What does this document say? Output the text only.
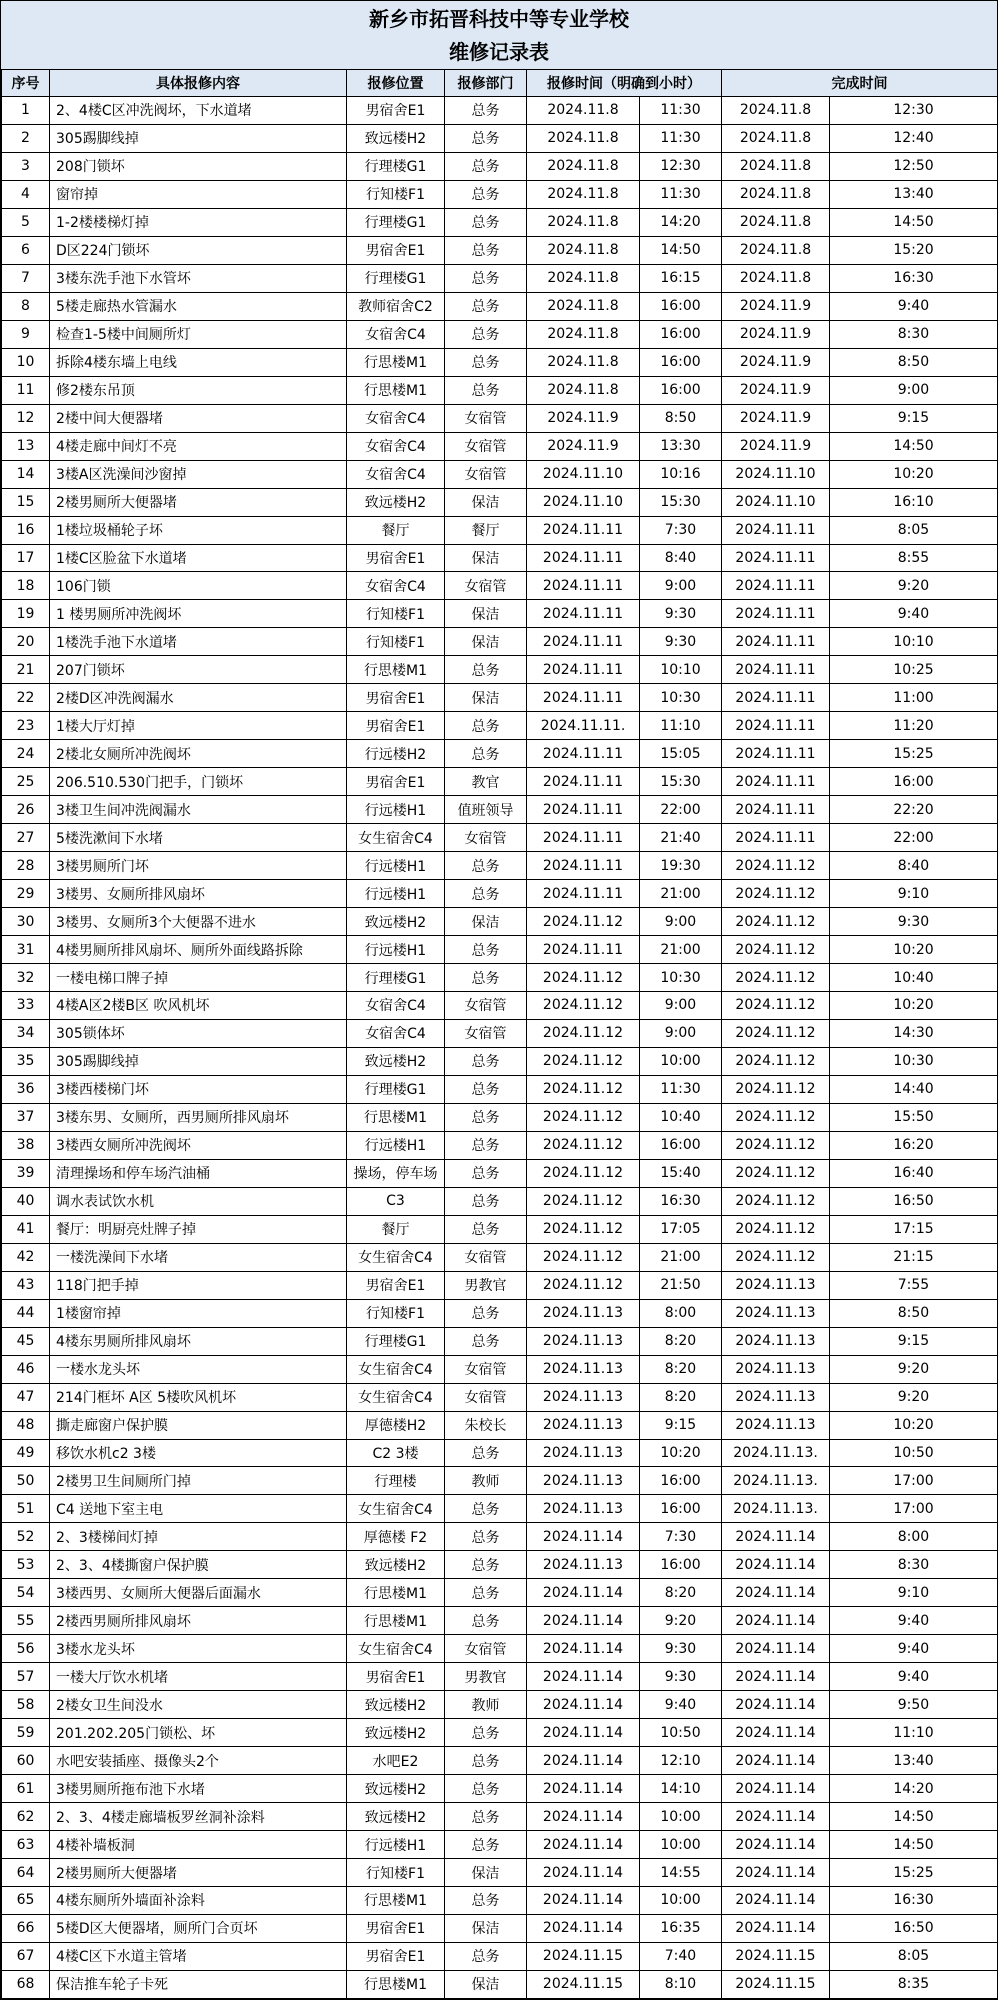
新乡市拓晋科技中等专业学校
维修记录表
序号	具体报修内容	报修位置	报修部门	报修时间（明确到小时）		完成时间	
1	2、4楼C区冲洗阀坏，下水道堵	男宿舍E1	总务	2024.11.8	11:30	2024.11.8	12:30
2	305踢脚线掉	致远楼H2	总务	2024.11.8	11:30	2024.11.8	12:40
3	208门锁坏	行理楼G1	总务	2024.11.8	12:30	2024.11.8	12:50
4	窗帘掉	行知楼F1	总务	2024.11.8	11:30	2024.11.8	13:40
5	1-2楼楼梯灯掉	行理楼G1	总务	2024.11.8	14:20	2024.11.8	14:50
6	D区224门锁坏	男宿舍E1	总务	2024.11.8	14:50	2024.11.8	15:20
7	3楼东洗手池下水管坏	行理楼G1	总务	2024.11.8	16:15	2024.11.8	16:30
8	5楼走廊热水管漏水	教师宿舍C2	总务	2024.11.8	16:00	2024.11.9	9:40
9	检查1-5楼中间厕所灯	女宿舍C4	总务	2024.11.8	16:00	2024.11.9	8:30
10	拆除4楼东墙上电线	行思楼M1	总务	2024.11.8	16:00	2024.11.9	8:50
11	修2楼东吊顶	行思楼M1	总务	2024.11.8	16:00	2024.11.9	9:00
12	2楼中间大便器堵	女宿舍C4	女宿管	2024.11.9	8:50	2024.11.9	9:15
13	4楼走廊中间灯不亮	女宿舍C4	女宿管	2024.11.9	13:30	2024.11.9	14:50
14	3楼A区洗澡间沙窗掉	女宿舍C4	女宿管	2024.11.10	10:16	2024.11.10	10:20
15	2楼男厕所大便器堵	致远楼H2	保洁	2024.11.10	15:30	2024.11.10	16:10
16	1楼垃圾桶轮子坏	餐厅	餐厅	2024.11.11	7:30	2024.11.11	8:05
17	1楼C区脸盆下水道堵	男宿舍E1	保洁	2024.11.11	8:40	2024.11.11	8:55
18	106门锁	女宿舍C4	女宿管	2024.11.11	9:00	2024.11.11	9:20
19	1 楼男厕所冲洗阀坏	行知楼F1	保洁	2024.11.11	9:30	2024.11.11	9:40
20	1楼洗手池下水道堵	行知楼F1	保洁	2024.11.11	9:30	2024.11.11	10:10
21	207门锁坏	行思楼M1	总务	2024.11.11	10:10	2024.11.11	10:25
22	2楼D区冲洗阀漏水	男宿舍E1	保洁	2024.11.11	10:30	2024.11.11	11:00
23	1楼大厅灯掉	男宿舍E1	总务	2024.11.11.	11:10	2024.11.11	11:20
24	2楼北女厕所冲洗阀坏	行远楼H2	总务	2024.11.11	15:05	2024.11.11	15:25
25	206.510.530门把手，门锁坏	男宿舍E1	教官	2024.11.11	15:30	2024.11.11	16:00
26	3楼卫生间冲洗阀漏水	行远楼H1	值班领导	2024.11.11	22:00	2024.11.11	22:20
27	5楼洗漱间下水堵	女生宿舍C4	女宿管	2024.11.11	21:40	2024.11.11	22:00
28	3楼男厕所门坏	行远楼H1	总务	2024.11.11	19:30	2024.11.12	8:40
29	3楼男、女厕所排风扇坏	行远楼H1	总务	2024.11.11	21:00	2024.11.12	9:10
30	3楼男、女厕所3个大便器不进水	致远楼H2	保洁	2024.11.12	9:00	2024.11.12	9:30
31	4楼男厕所排风扇坏、厕所外面线路拆除	行远楼H1	总务	2024.11.11	21:00	2024.11.12	10:20
32	一楼电梯口牌子掉	行理楼G1	总务	2024.11.12	10:30	2024.11.12	10:40
33	4楼A区2楼B区 吹风机坏	女宿舍C4	女宿管	2024.11.12	9:00	2024.11.12	10:20
34	305锁体坏	女宿舍C4	女宿管	2024.11.12	9:00	2024.11.12	14:30
35	305踢脚线掉	致远楼H2	总务	2024.11.12	10:00	2024.11.12	10:30
36	3楼西楼梯门坏	行理楼G1	总务	2024.11.12	11:30	2024.11.12	14:40
37	3楼东男、女厕所，西男厕所排风扇坏	行思楼M1	总务	2024.11.12	10:40	2024.11.12	15:50
38	3楼西女厕所冲洗阀坏	行远楼H1	总务	2024.11.12	16:00	2024.11.12	16:20
39	清理操场和停车场汽油桶	操场，停车场	总务	2024.11.12	15:40	2024.11.12	16:40
40	调水表试饮水机	C3	总务	2024.11.12	16:30	2024.11.12	16:50
41	餐厅：明厨亮灶牌子掉	餐厅	总务	2024.11.12	17:05	2024.11.12	17:15
42	一楼洗澡间下水堵	女生宿舍C4	女宿管	2024.11.12	21:00	2024.11.12	21:15
43	118门把手掉	男宿舍E1	男教官	2024.11.12	21:50	2024.11.13	7:55
44	1楼窗帘掉	行知楼F1	总务	2024.11.13	8:00	2024.11.13	8:50
45	4楼东男厕所排风扇坏	行理楼G1	总务	2024.11.13	8:20	2024.11.13	9:15
46	一楼水龙头坏	女生宿舍C4	女宿管	2024.11.13	8:20	2024.11.13	9:20
47	214门框坏 A区 5楼吹风机坏	女生宿舍C4	女宿管	2024.11.13	8:20	2024.11.13	9:20
48	撕走廊窗户保护膜	厚德楼H2	朱校长	2024.11.13	9:15	2024.11.13	10:20
49	移饮水机c2 3楼	C2 3楼	总务	2024.11.13	10:20	2024.11.13.	10:50
50	2楼男卫生间厕所门掉	行理楼	教师	2024.11.13	16:00	2024.11.13.	17:00
51	C4 送地下室主电	女生宿舍C4	总务	2024.11.13	16:00	2024.11.13.	17:00
52	2、3楼梯间灯掉	厚德楼 F2	总务	2024.11.14	7:30	2024.11.14	8:00
53	2、3、4楼撕窗户保护膜	致远楼H2	总务	2024.11.13	16:00	2024.11.14	8:30
54	3楼西男、女厕所大便器后面漏水	行思楼M1	总务	2024.11.14	8:20	2024.11.14	9:10
55	2楼西男厕所排风扇坏	行思楼M1	总务	2024.11.14	9:20	2024.11.14	9:40
56	3楼水龙头坏	女生宿舍C4	女宿管	2024.11.14	9:30	2024.11.14	9:40
57	一楼大厅饮水机堵	男宿舍E1	男教官	2024.11.14	9:30	2024.11.14	9:40
58	2楼女卫生间没水	致远楼H2	教师	2024.11.14	9:40	2024.11.14	9:50
59	201.202.205门锁松、坏	致远楼H2	总务	2024.11.14	10:50	2024.11.14	11:10
60	水吧安装插座、摄像头2个	水吧E2	总务	2024.11.14	12:10	2024.11.14	13:40
61	3楼男厕所拖布池下水堵	致远楼H2	总务	2024.11.14	14:10	2024.11.14	14:20
62	2、3、4楼走廊墙板罗丝洞补涂料	致远楼H2	总务	2024.11.14	10:00	2024.11.14	14:50
63	4楼补墙板洞	行远楼H1	总务	2024.11.14	10:00	2024.11.14	14:50
64	2楼男厕所大便器堵	行知楼F1	保洁	2024.11.14	14:55	2024.11.14	15:25
65	4楼东厕所外墙面补涂料	行思楼M1	总务	2024.11.14	10:00	2024.11.14	16:30
66	5楼D区大便器堵，厕所门合页坏	男宿舍E1	保洁	2024.11.14	16:35	2024.11.14	16:50
67	4楼C区下水道主管堵	男宿舍E1	总务	2024.11.15	7:40	2024.11.15	8:05
68	保洁推车轮子卡死	行思楼M1	保洁	2024.11.15	8:10	2024.11.15	8:35
